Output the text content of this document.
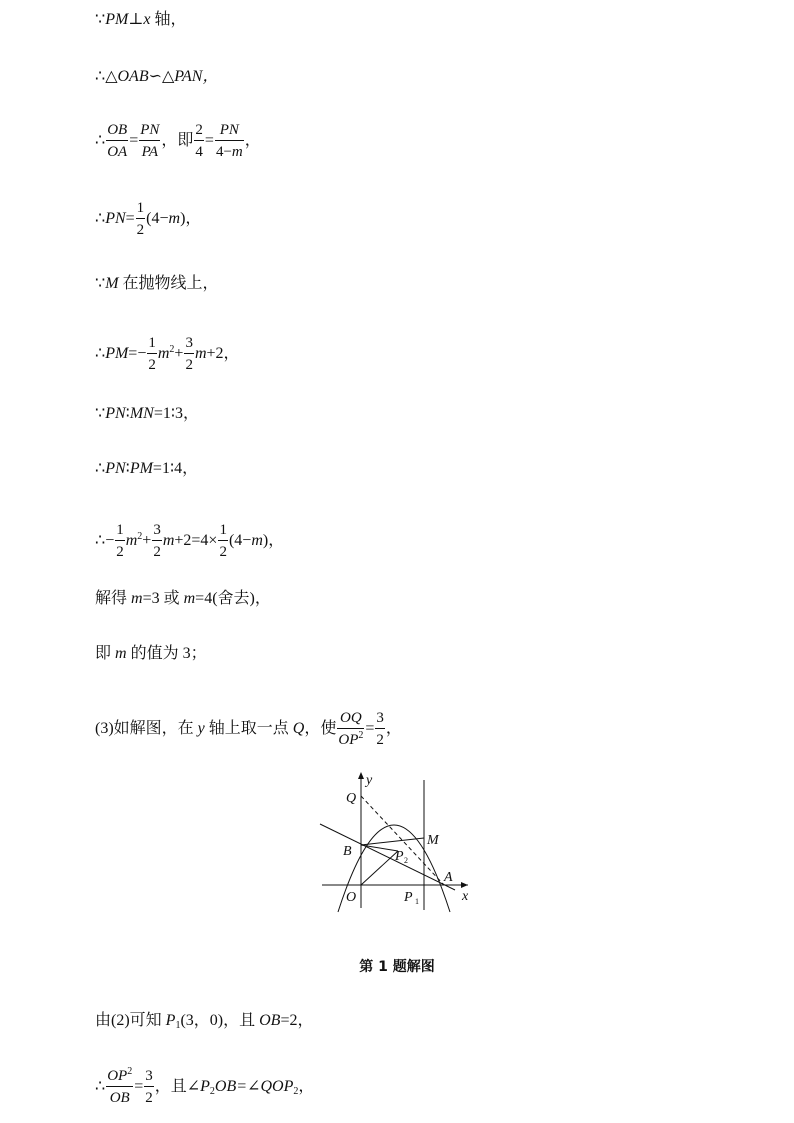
∵PM⊥x 轴，
∴△OAB∽△PAN，
∴ $\frac{OB}{OA} = \frac{PN}{PA}$ ，即 $\frac{2}{4} = \frac{PN}{4-m}$ ，
∴PN= $\frac{1}{2} (4-m)$，
∵M 在抛物线上，
∴PM=− $\frac{1}{2} m^2+ \frac{3}{2} m+2$，
∵PN∶MN=1∶3，
∴PN∶PM=1∶4，
∴− $\frac{1}{2} m^2+ \frac{3}{2} m+2=4\times \frac{1}{2} (4-m)$，
解得 m=3 或 m=4(舍去)，
即 m 的值为 3；
(3)如解图，在 y 轴上取一点 Q，使 $\frac{OQ}{OP^2} = \frac{3}{2}$ ，
y
x
Q
B
M
P 2
A
O	P 1
第 1 题解图
由(2)可知 $P_1(3$，0)，且 OB=2，
∴ $\frac{OP^2}{OB} = \frac{3}{2}$ ，且$\angle P_2OB=\angle QOP_2$，
